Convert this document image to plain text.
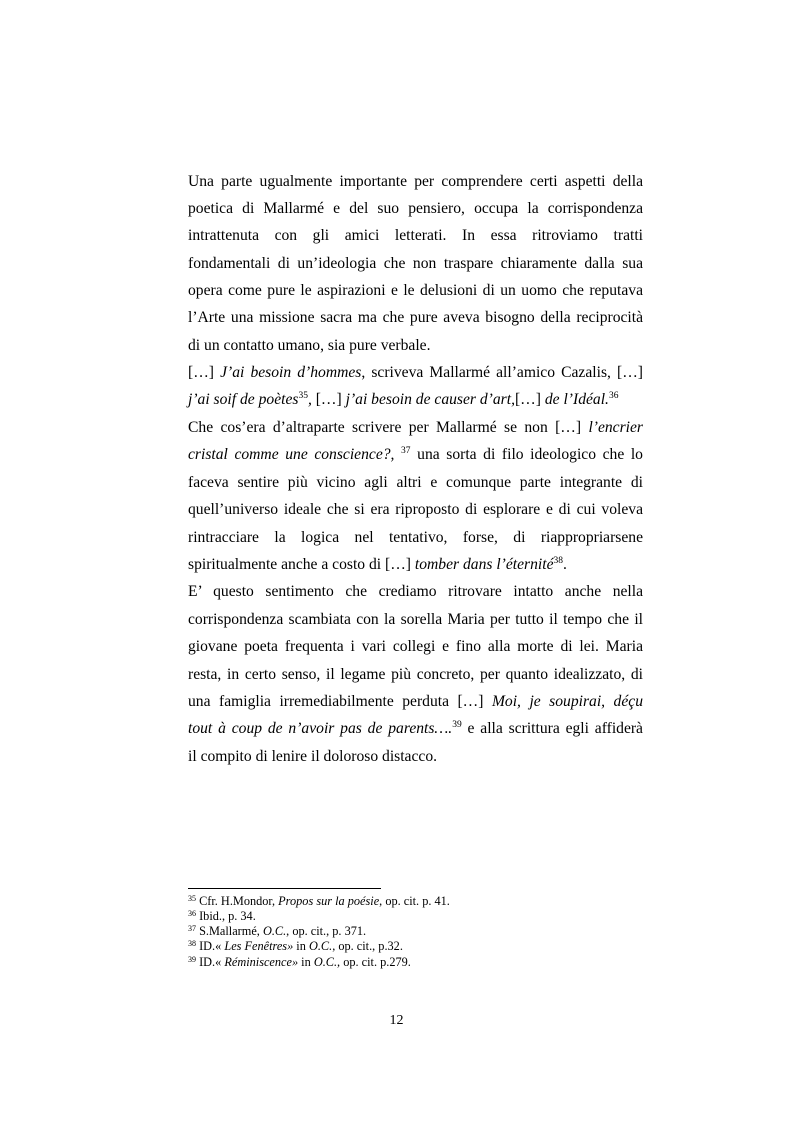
Una parte ugualmente importante per comprendere certi aspetti della
poetica di Mallarmé e del suo pensiero, occupa la corrispondenza
intrattenuta con gli amici letterati. In essa ritroviamo tratti
fondamentali di un’ideologia che non traspare chiaramente dalla sua
opera come pure le aspirazioni e le delusioni di un uomo che reputava
l’Arte una missione sacra ma che pure aveva bisogno della reciprocità
di un contatto umano, sia pure verbale.
[…] J’ai besoin d’hommes, scriveva Mallarmé all’amico Cazalis, […]
j’ai soif de poètes$^{35}$, […] j’ai besoin de causer d’art,[…] de l’Idéal.$^{36}$
Che cos’era d’altraparte scrivere per Mallarmé se non […] l’encrier
cristal comme une conscience?, $^{37}$ una sorta di filo ideologico che lo
faceva sentire più vicino agli altri e comunque parte integrante di
quell’universo ideale che si era riproposto di esplorare e di cui voleva
rintracciare la logica nel tentativo, forse, di riappropriarsene
spiritualmente anche a costo di […] tomber dans l’éternité$^{38}$.
E’ questo sentimento che crediamo ritrovare intatto anche nella
corrispondenza scambiata con la sorella Maria per tutto il tempo che il
giovane poeta frequenta i vari collegi e fino alla morte di lei. Maria
resta, in certo senso, il legame più concreto, per quanto idealizzato, di
una famiglia irremediabilmente perduta […] Moi, je soupirai, déçu
tout à coup de n’avoir pas de parents….$^{39}$ e alla scrittura egli affiderà
il compito di lenire il doloroso distacco.
$^{35}$ Cfr. H.Mondor, Propos sur la poésie, op. cit. p. 41.
$^{36}$ Ibid., p. 34.
$^{37}$ S.Mallarmé, O.C., op. cit., p. 371.
$^{38}$ ID.« Les Fenêtres» in O.C., op. cit., p.32.
$^{39}$ ID.« Réminiscence» in O.C., op. cit. p.279.
12
